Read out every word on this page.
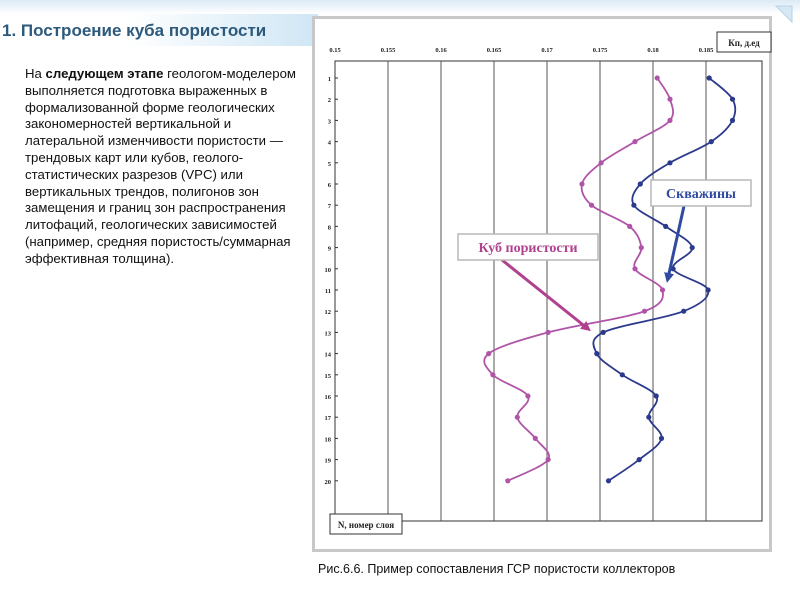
1. Построение куба пористости

На следующем этапе геологом-моделером выполняется подготовка выраженных в формализованной форме геологических закономерностей вертикальной и латеральной изменчивости пористости — трендовых карт или кубов, геолого-статистических разрезов (VPC) или вертикальных трендов, полигонов зон замещения и границ зон распространения литофаций, геологических зависимостей (например, средняя пористость/суммарная эффективная толщина).

0.15	0.155	0.16	0.165	0.17	0.175	0.18	0.185
1
2
3
4
5
6
7
8
9
10
11
12
13
14
15
16
17
18
19
20
Кп, д.ед
N, номер слоя
Куб пористости
Скважины

Рис.6.6. Пример сопоставления ГСР пористости коллекторов
